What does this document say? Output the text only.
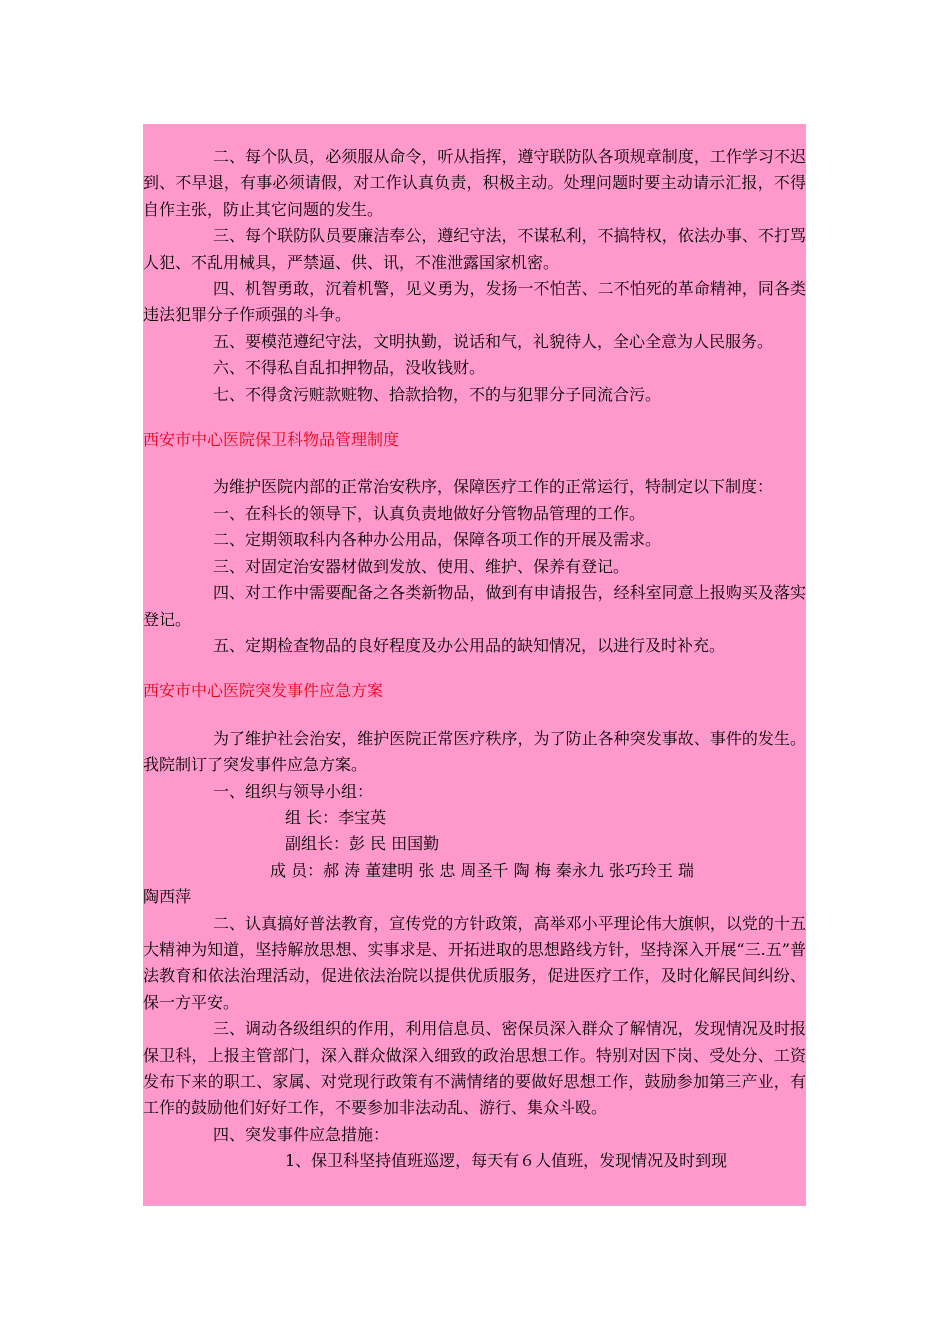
二、每个队员，必须服从命令，听从指挥，遵守联防队各项规章制度，工作学习不迟到、不早退，有事必须请假，对工作认真负责，积极主动。处理问题时要主动请示汇报，不得自作主张，防止其它问题的发生。

三、每个联防队员要廉洁奉公，遵纪守法，不谋私利，不搞特权，依法办事、不打骂人犯、不乱用械具，严禁逼、供、讯，不准泄露国家机密。

四、机智勇敢，沉着机警，见义勇为，发扬一不怕苦、二不怕死的革命精神，同各类违法犯罪分子作顽强的斗争。

五、要模范遵纪守法，文明执勤，说话和气，礼貌待人，全心全意为人民服务。

六、不得私自乱扣押物品，没收钱财。

七、不得贪污赃款赃物、拾款拾物，不的与犯罪分子同流合污。

西安市中心医院保卫科物品管理制度

为维护医院内部的正常治安秩序，保障医疗工作的正常运行，特制定以下制度：

一、在科长的领导下，认真负责地做好分管物品管理的工作。

二、定期领取科内各种办公用品，保障各项工作的开展及需求。

三、对固定治安器材做到发放、使用、维护、保养有登记。

四、对工作中需要配备之各类新物品，做到有申请报告，经科室同意上报购买及落实登记。

五、定期检查物品的良好程度及办公用品的缺知情况，以进行及时补充。

西安市中心医院突发事件应急方案

为了维护社会治安，维护医院正常医疗秩序，为了防止各种突发事故、事件的发生。我院制订了突发事件应急方案。

一、组织与领导小组：

组 长：李宝英

副组长：彭 民 田国勤

成 员：郝 涛 董建明 张 忠 周圣千 陶 梅 秦永九 张巧玲王 瑞

陶西萍

二、认真搞好普法教育，宣传党的方针政策，高举邓小平理论伟大旗帜，以党的十五大精神为知道，坚持解放思想、实事求是、开拓进取的思想路线方针，坚持深入开展“三.五”普法教育和依法治理活动，促进依法治院以提供优质服务，促进医疗工作，及时化解民间纠纷、保一方平安。

三、调动各级组织的作用，利用信息员、密保员深入群众了解情况，发现情况及时报保卫科，上报主管部门，深入群众做深入细致的政治思想工作。特别对因下岗、受处分、工资发布下来的职工、家属、对党现行政策有不满情绪的要做好思想工作，鼓励参加第三产业，有工作的鼓励他们好好工作，不要参加非法动乱、游行、集众斗殴。

四、突发事件应急措施：

1、保卫科坚持值班巡逻，每天有６人值班，发现情况及时到现
